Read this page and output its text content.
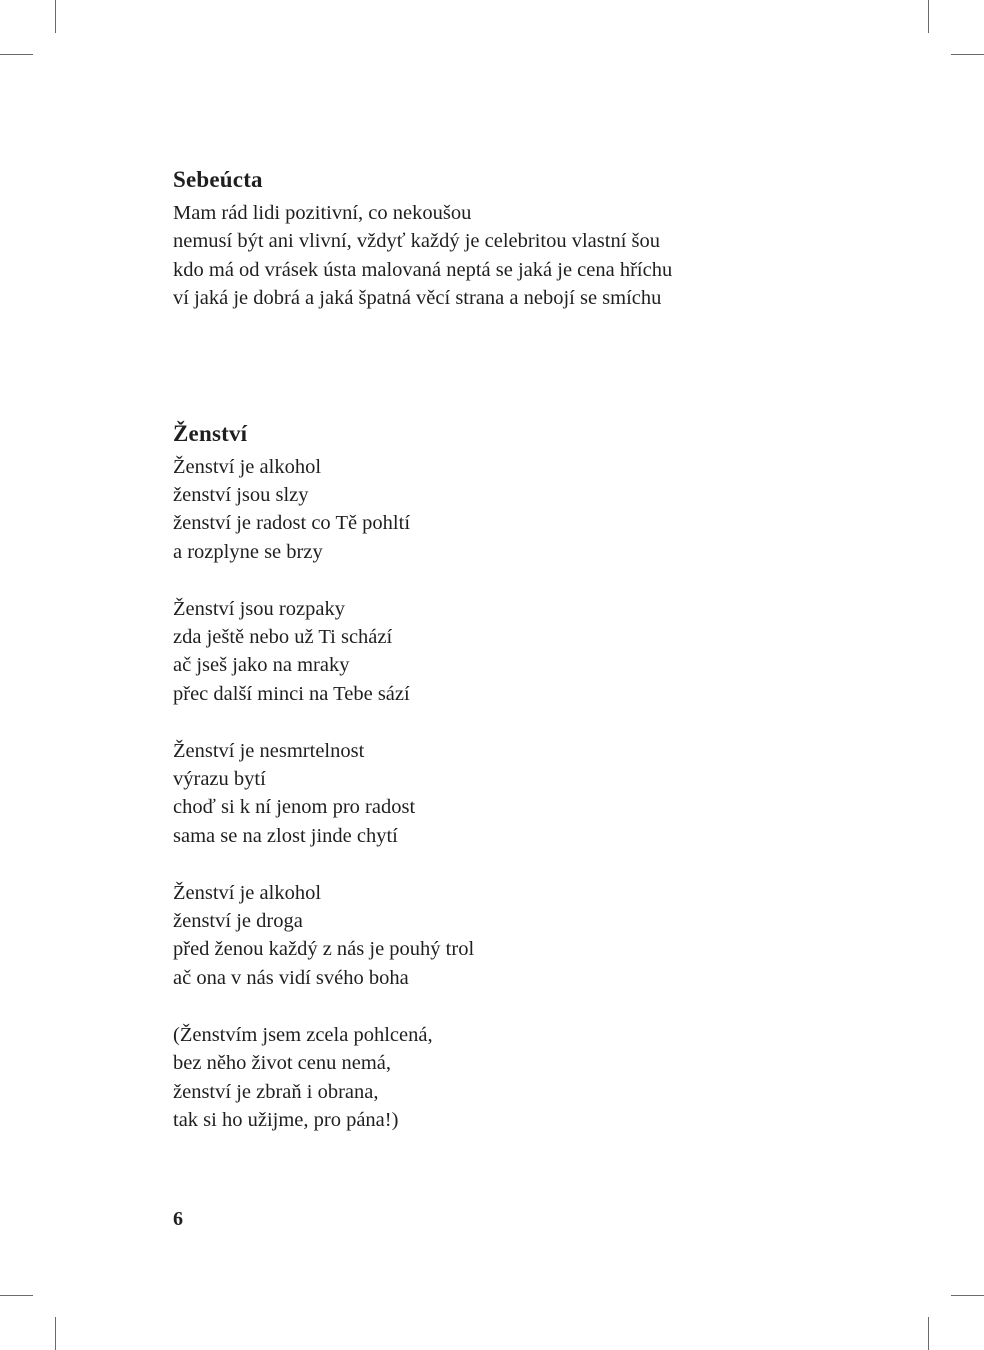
Sebeúcta
Mam rád lidi pozitivní, co nekoušou
nemusí být ani vlivní, vždyť každý je celebritou vlastní šou
kdo má od vrásek ústa malovaná neptá se jaká je cena hříchu
ví jaká je dobrá a jaká špatná věcí strana a nebojí se smíchu
Ženství
Ženství je alkohol
ženství jsou slzy
ženství je radost co Tě pohltí
a rozplyne se brzy
Ženství jsou rozpaky
zda ještě nebo už Ti schází
ač jseš jako na mraky
přec další minci na Tebe sází
Ženství je nesmrtelnost
výrazu bytí
choď si k ní jenom pro radost
sama se na zlost jinde chytí
Ženství je alkohol
ženství je droga
před ženou každý z nás je pouhý trol
ač ona v nás vidí svého boha
(Ženstvím jsem zcela pohlcená,
bez něho život cenu nemá,
ženství je zbraň i obrana,
tak si ho užijme, pro pána!)
6
